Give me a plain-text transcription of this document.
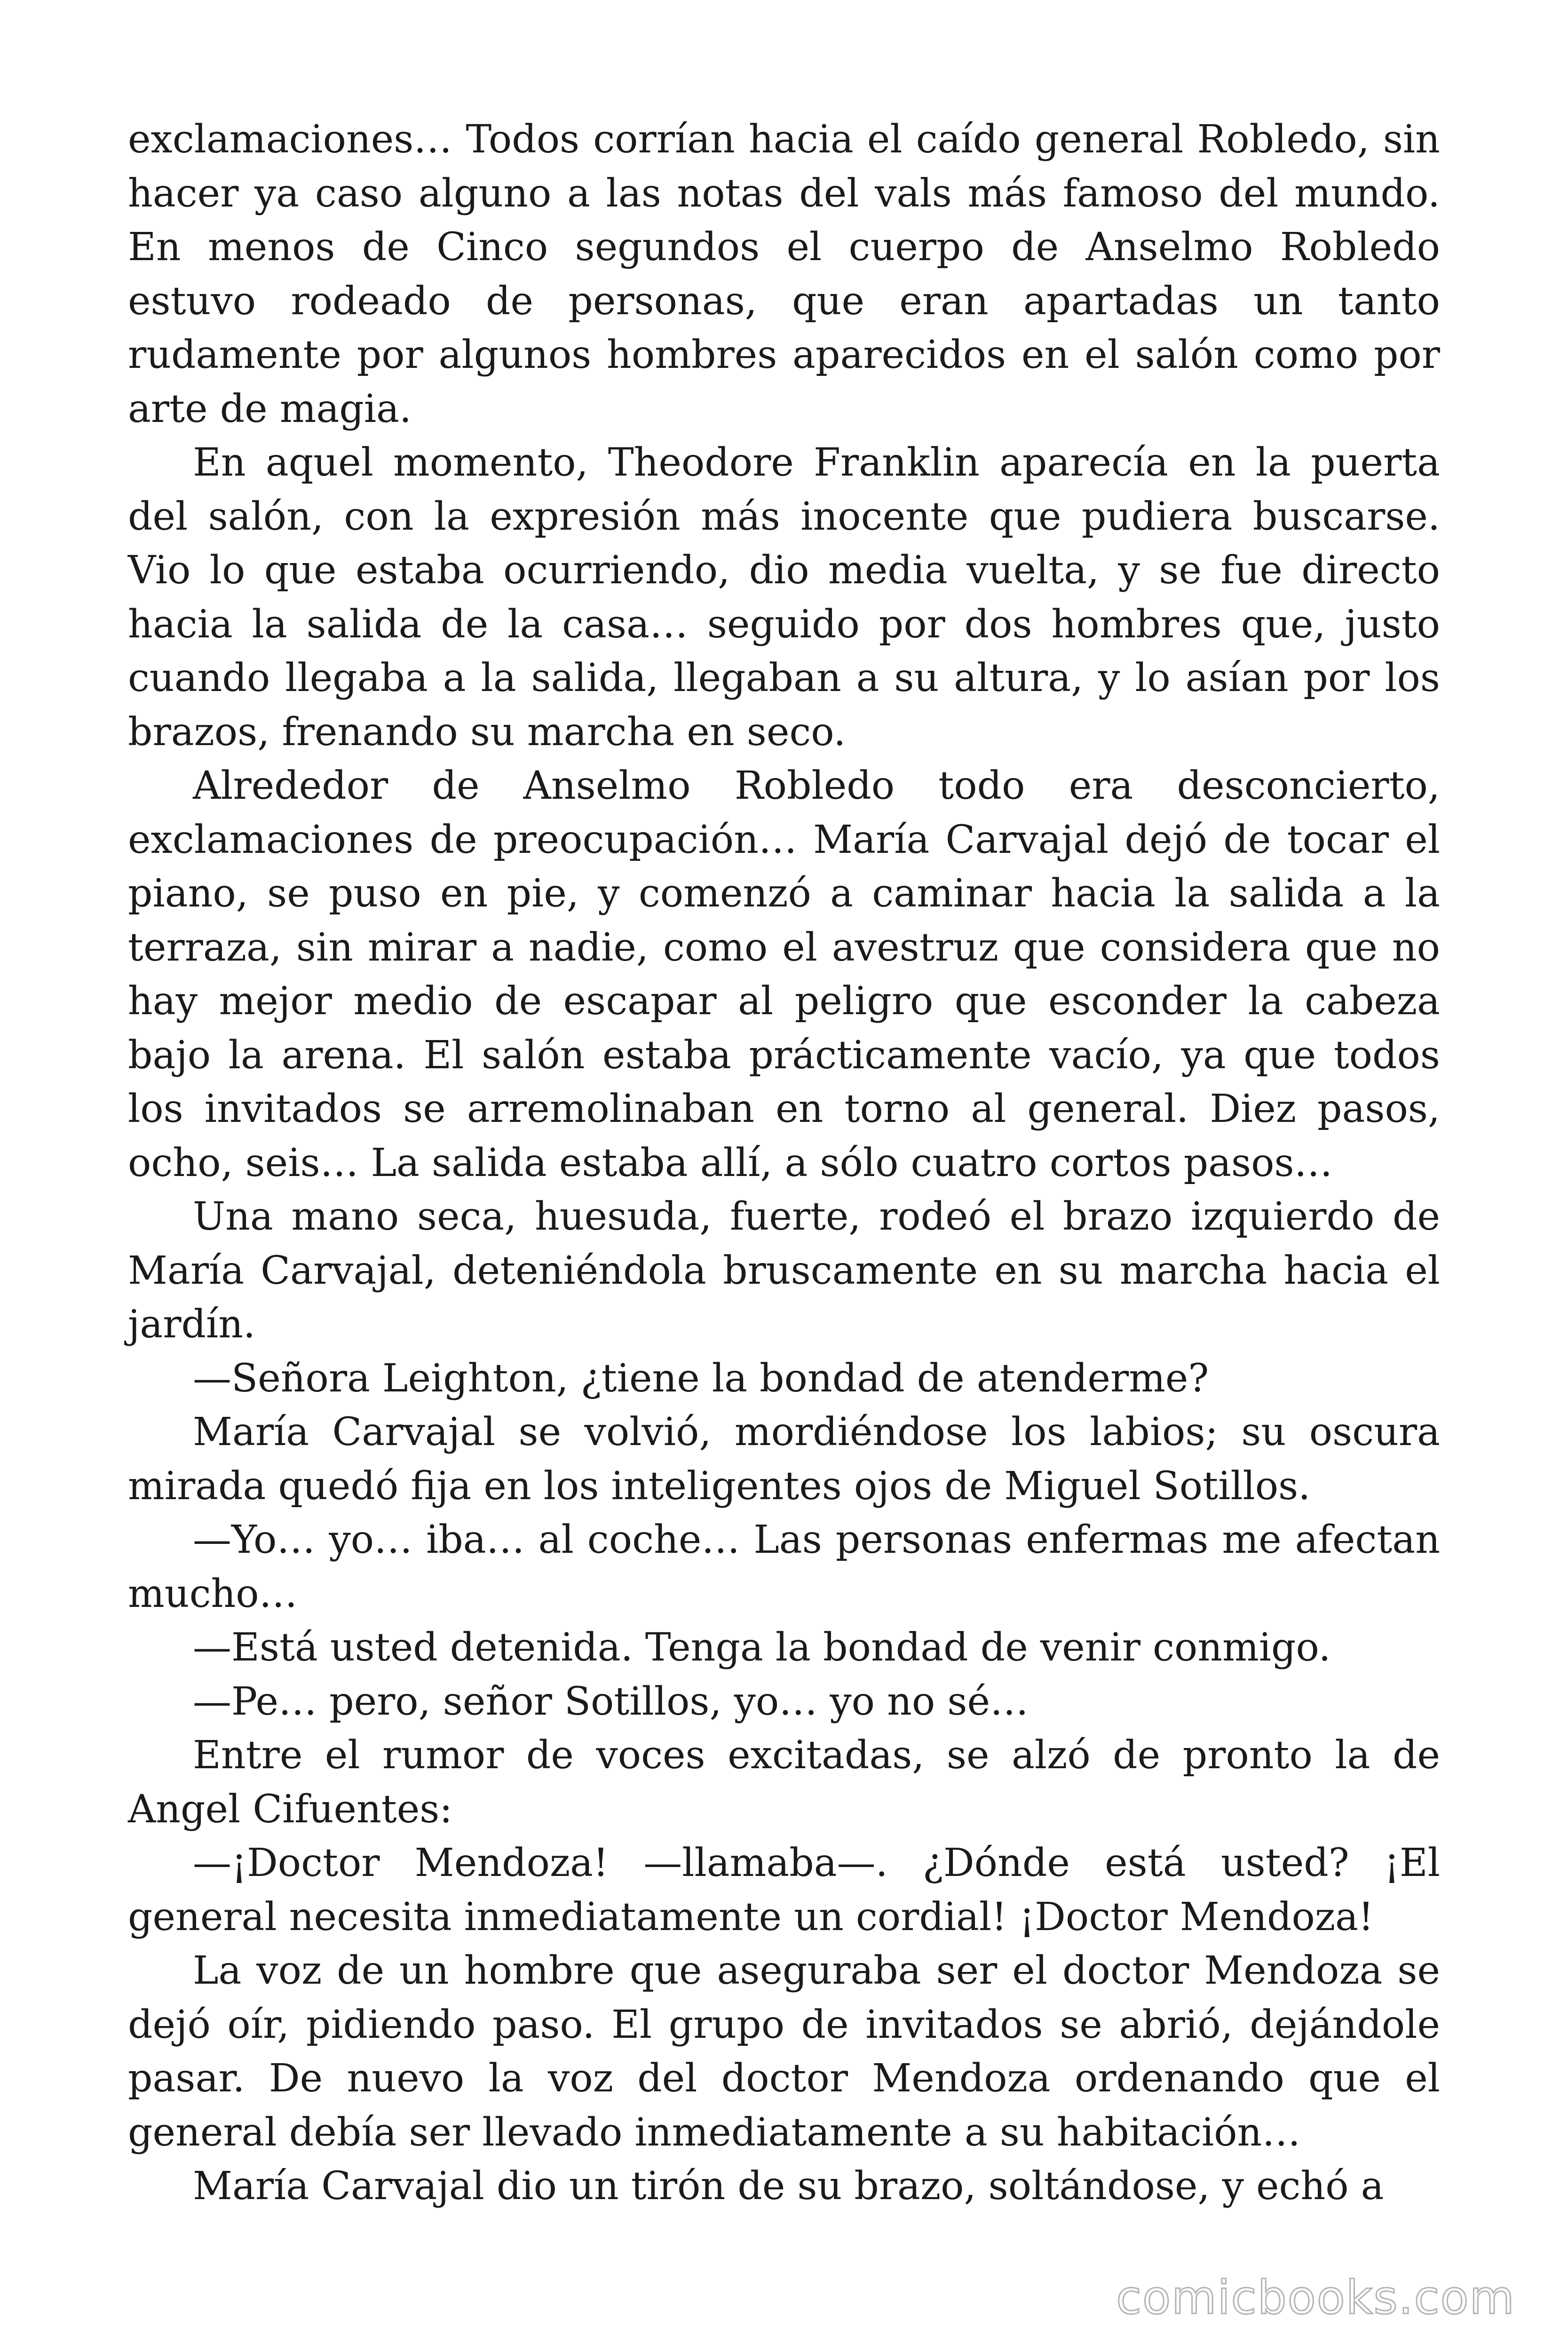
exclamaciones… Todos corrían hacia el caído general Robledo, sin hacer ya caso alguno a las notas del vals más famoso del mundo. En menos de Cinco segundos el cuerpo de Anselmo Robledo estuvo rodeado de personas, que eran apartadas un tanto rudamente por algunos hombres aparecidos en el salón como por arte de magia.

En aquel momento, Theodore Franklin aparecía en la puerta del salón, con la expresión más inocente que pudiera buscarse. Vio lo que estaba ocurriendo, dio media vuelta, y se fue directo hacia la salida de la casa… seguido por dos hombres que, justo cuando llegaba a la salida, llegaban a su altura, y lo asían por los brazos, frenando su marcha en seco.

Alrededor de Anselmo Robledo todo era desconcierto, exclamaciones de preocupación… María Carvajal dejó de tocar el piano, se puso en pie, y comenzó a caminar hacia la salida a la terraza, sin mirar a nadie, como el avestruz que considera que no hay mejor medio de escapar al peligro que esconder la cabeza bajo la arena. El salón estaba prácticamente vacío, ya que todos los invitados se arremolinaban en torno al general. Diez pasos, ocho, seis… La salida estaba allí, a sólo cuatro cortos pasos…

Una mano seca, huesuda, fuerte, rodeó el brazo izquierdo de María Carvajal, deteniéndola bruscamente en su marcha hacia el jardín.

—Señora Leighton, ¿tiene la bondad de atenderme?

María Carvajal se volvió, mordiéndose los labios; su oscura mirada quedó fija en los inteligentes ojos de Miguel Sotillos.

—Yo… yo… iba… al coche… Las personas enfermas me afectan mucho…

—Está usted detenida. Tenga la bondad de venir conmigo.

—Pe… pero, señor Sotillos, yo… yo no sé…

Entre el rumor de voces excitadas, se alzó de pronto la de Angel Cifuentes:

—¡Doctor Mendoza! —llamaba—. ¿Dónde está usted? ¡El general necesita inmediatamente un cordial! ¡Doctor Mendoza!

La voz de un hombre que aseguraba ser el doctor Mendoza se dejó oír, pidiendo paso. El grupo de invitados se abrió, dejándole pasar. De nuevo la voz del doctor Mendoza ordenando que el general debía ser llevado inmediatamente a su habitación…

María Carvajal dio un tirón de su brazo, soltándose, y echó a

comicbooks.com
